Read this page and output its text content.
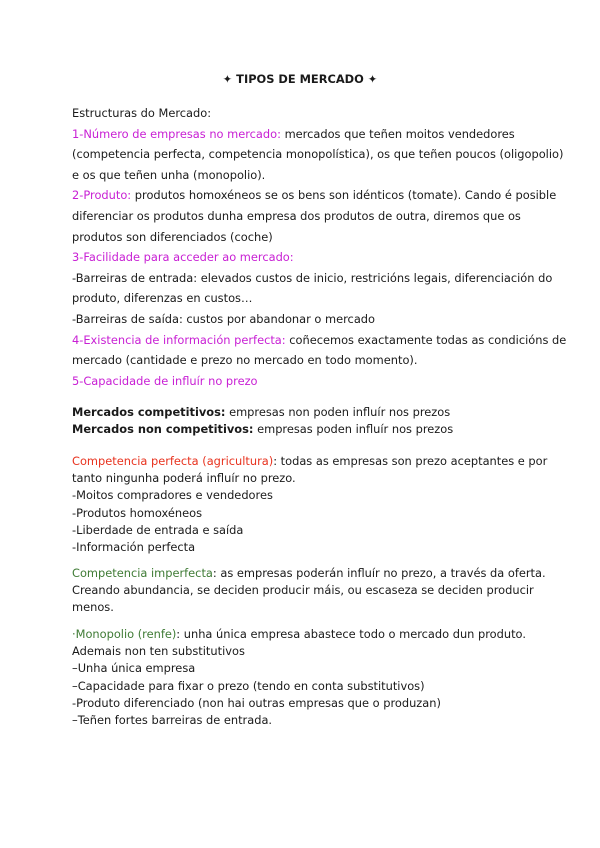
✦ TIPOS DE MERCADO ✦
Estructuras do Mercado:
1-Número de empresas no mercado: mercados que teñen moitos vendedores
(competencia perfecta, competencia monopolística), os que teñen poucos (oligopolio)
e os que teñen unha (monopolio).
2-Produto: produtos homoxéneos se os bens son idénticos (tomate). Cando é posible
diferenciar os produtos dunha empresa dos produtos de outra, diremos que os
produtos son diferenciados (coche)
3-Facilidade para acceder ao mercado:
-Barreiras de entrada: elevados custos de inicio, restricións legais, diferenciación do
produto, diferenzas en custos…
-Barreiras de saída: custos por abandonar o mercado
4-Existencia de información perfecta: coñecemos exactamente todas as condicións de
mercado (cantidade e prezo no mercado en todo momento).
5-Capacidade de influír no prezo
Mercados competitivos: empresas non poden influír nos prezos
Mercados non competitivos: empresas poden influír nos prezos
Competencia perfecta (agricultura): todas as empresas son prezo aceptantes e por
tanto ningunha poderá influír no prezo.
-Moitos compradores e vendedores
-Produtos homoxéneos
-Liberdade de entrada e saída
-Información perfecta
Competencia imperfecta: as empresas poderán influír no prezo, a través da oferta.
Creando abundancia, se deciden producir máis, ou escaseza se deciden producir
menos.
·Monopolio (renfe): unha única empresa abastece todo o mercado dun produto.
Ademais non ten substitutivos
–Unha única empresa
–Capacidade para fixar o prezo (tendo en conta substitutivos)
-Produto diferenciado (non hai outras empresas que o produzan)
–Teñen fortes barreiras de entrada.
